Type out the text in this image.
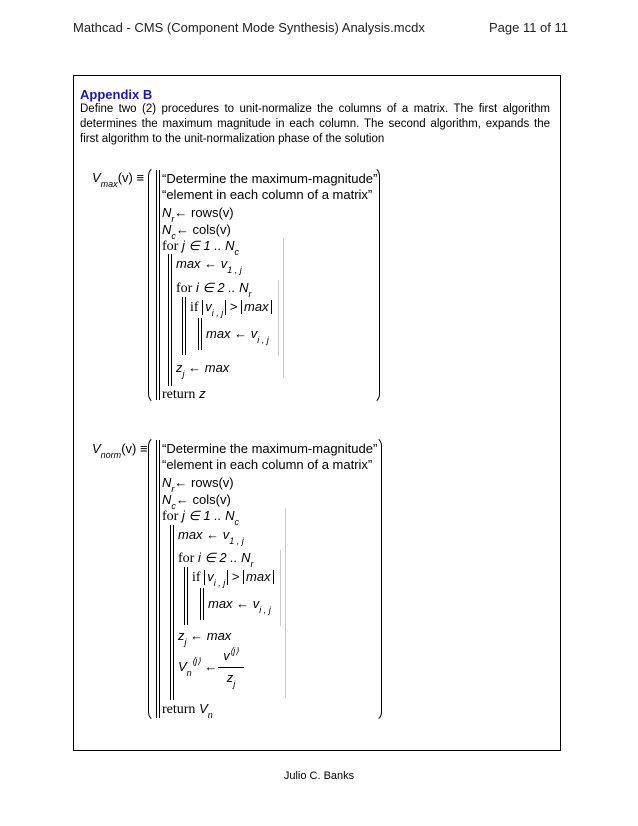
Mathcad - CMS (Component Mode Synthesis) Analysis.mcdx	Page 11 of 11
Appendix B
Define two (2) procedures to unit-normalize the columns of a matrix. The first algorithm determines the maximum magnitude in each column. The second algorithm, expands the first algorithm to the unit-normalization phase of the solution
$V_{max}(v)$ ≡ “Determine the maximum-magnitude”
“element in each column of a matrix”
$N_r\leftarrow$ rows(v)
$N_c\leftarrow$ cols(v)
for j ∈ 1 .. $N_c$
max ← $v_{1 , j}$
for i ∈ 2 .. $N_r$
if $v_{i , j} > \max$
max ← $v_{i , j}$
$z_j$ ← max
return z
$V_{norm}(v)$ ≡ “Determine the maximum-magnitude”
“element in each column of a matrix”
$N_r\leftarrow$ rows(v)
$N_c\leftarrow$ cols(v)
for j ∈ 1 .. $N_c$
max ← $v_{1 , j}$
for i ∈ 2 .. $N_r$
if $v_{i , j} > \max$
max ← $v_{i , j}$
$z_j$ ← max
$V_n^{⟨j⟩}$ ←
$v^{⟨j⟩}$
$z_j$
return $V_n$
Julio C. Banks
